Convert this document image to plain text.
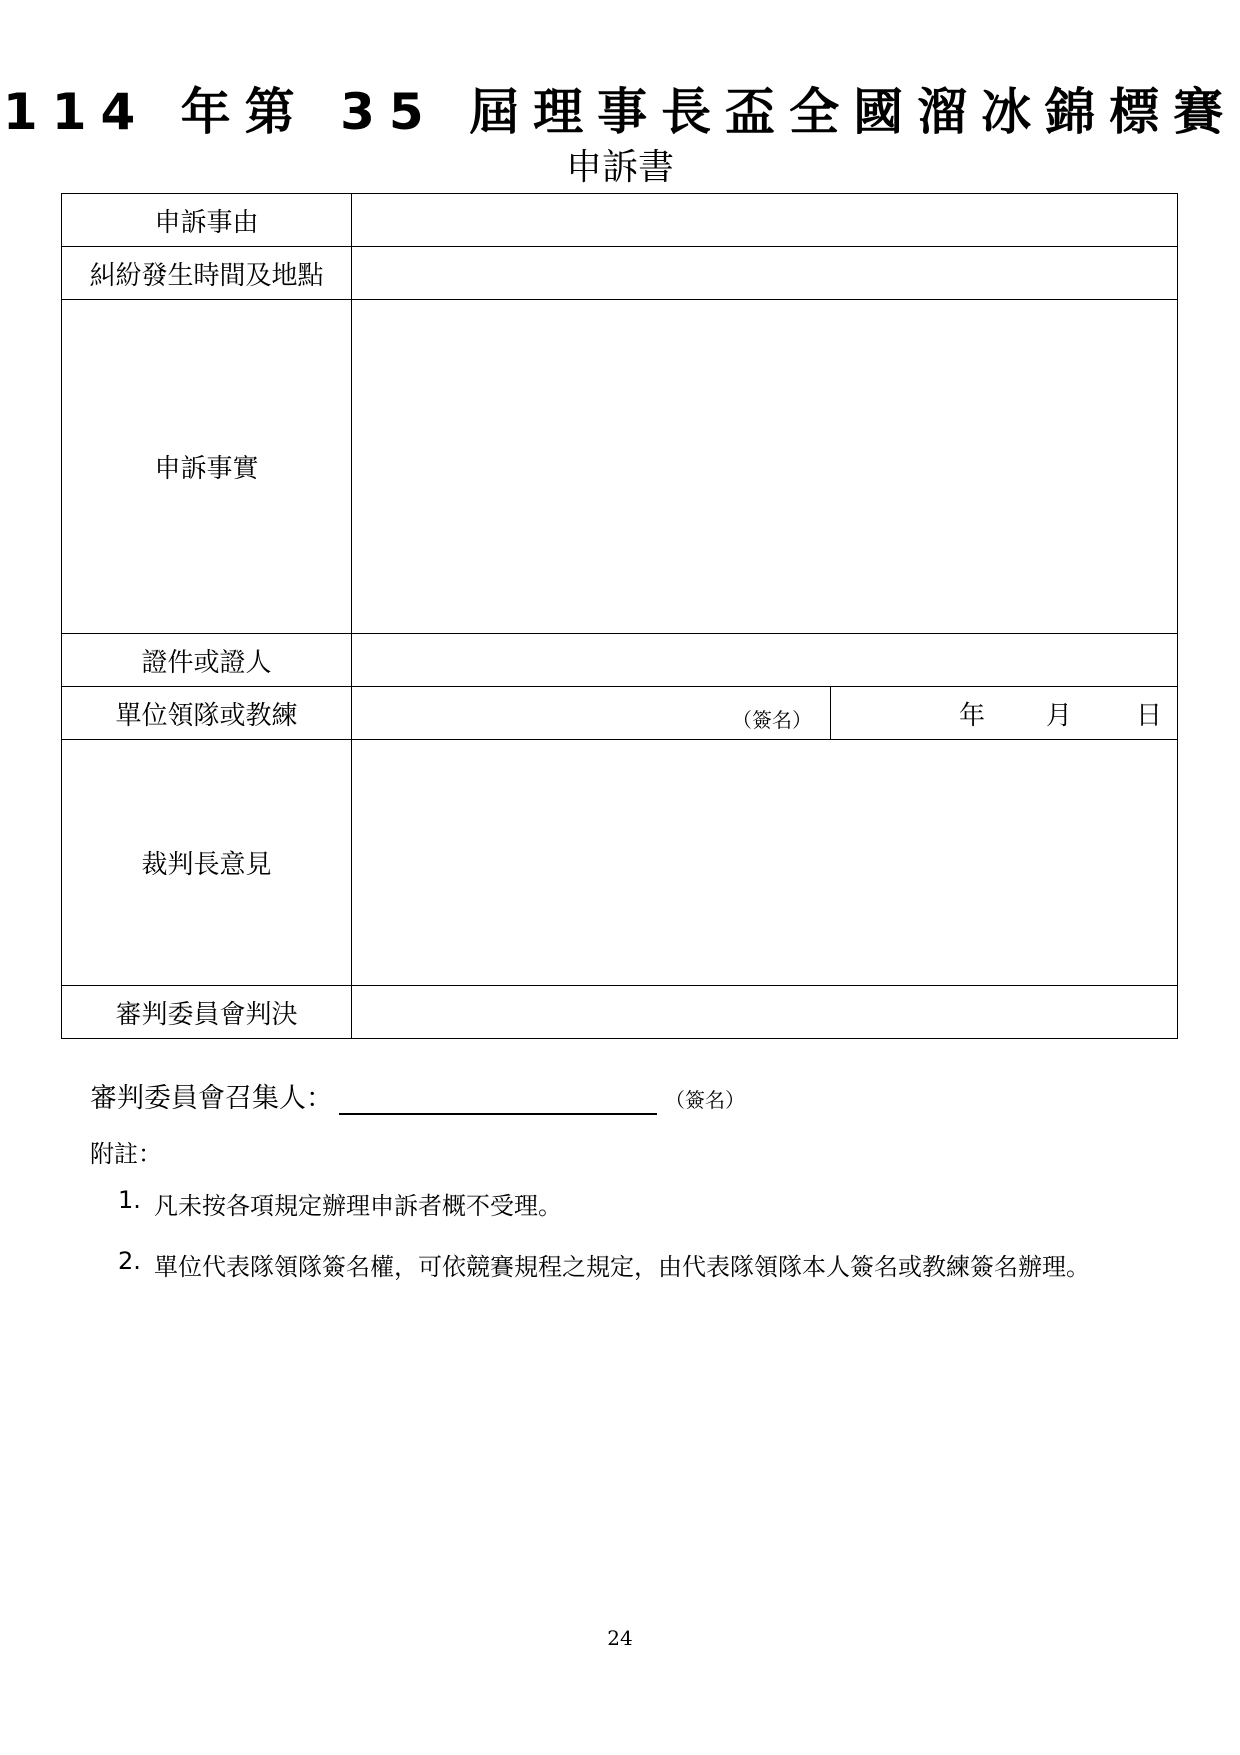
114 年第 35 屆理事長盃全國溜冰錦標賽
申訴書
申訴事由	
糾紛發生時間及地點	
申訴事實	
證件或證人	
單位領隊或教練	（簽名） 年 月 日

裁判長意見	
審判委員會判決	
審判委員會召集人：	（簽名）
附註：
1. 凡未按各項規定辦理申訴者概不受理。
2. 單位代表隊領隊簽名權，可依競賽規程之規定，由代表隊領隊本人簽名或教練簽名辦理。
24
